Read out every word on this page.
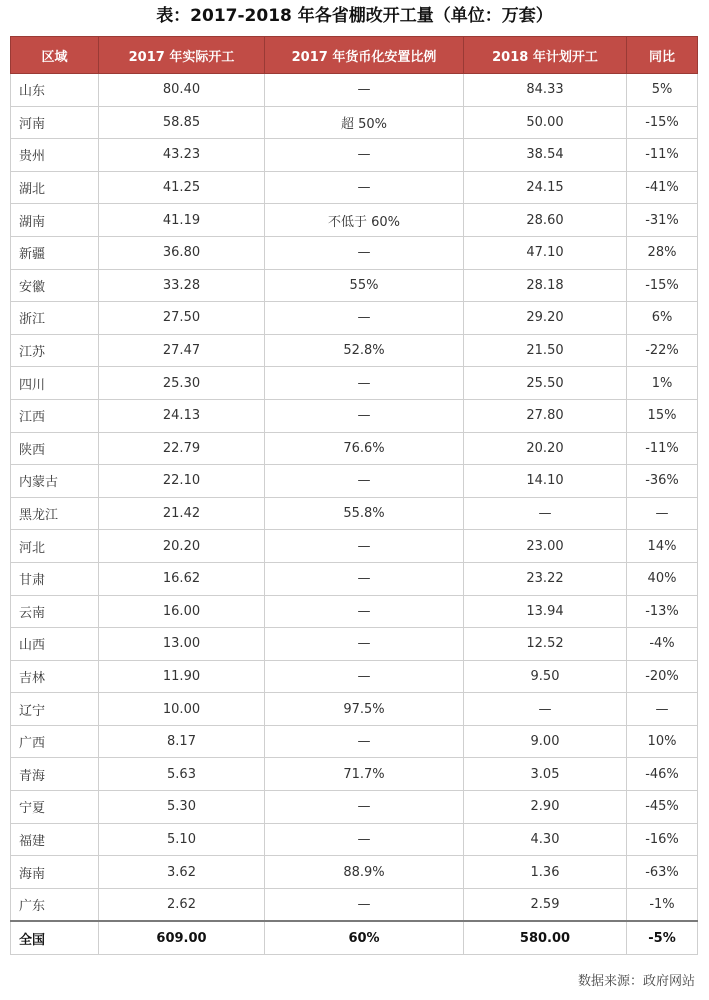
表：2017-2018 年各省棚改开工量（单位：万套）
区域	2017 年实际开工	2017 年货币化安置比例	2018 年计划开工	同比
山东	80.40	—	84.33	5%
河南	58.85	超 50%	50.00	-15%
贵州	43.23	—	38.54	-11%
湖北	41.25	—	24.15	-41%
湖南	41.19	不低于 60%	28.60	-31%
新疆	36.80	—	47.10	28%
安徽	33.28	55%	28.18	-15%
浙江	27.50	—	29.20	6%
江苏	27.47	52.8%	21.50	-22%
四川	25.30	—	25.50	1%
江西	24.13	—	27.80	15%
陕西	22.79	76.6%	20.20	-11%
内蒙古	22.10	—	14.10	-36%
黑龙江	21.42	55.8%	—	—
河北	20.20	—	23.00	14%
甘肃	16.62	—	23.22	40%
云南	16.00	—	13.94	-13%
山西	13.00	—	12.52	-4%
吉林	11.90	—	9.50	-20%
辽宁	10.00	97.5%	—	—
广西	8.17	—	9.00	10%
青海	5.63	71.7%	3.05	-46%
宁夏	5.30	—	2.90	-45%
福建	5.10	—	4.30	-16%
海南	3.62	88.9%	1.36	-63%
广东	2.62	—	2.59	-1%
全国	609.00	60%	580.00	-5%
数据来源：政府网站
